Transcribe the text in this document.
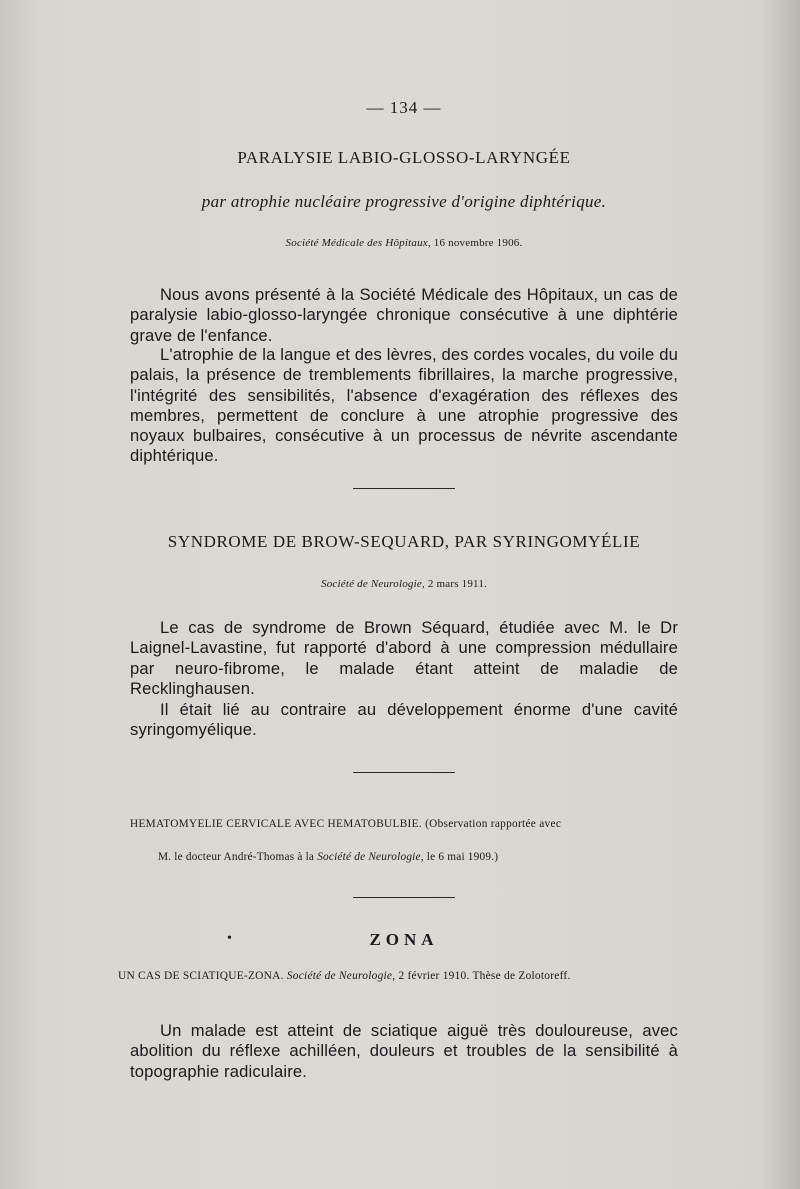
— 134 —
PARALYSIE LABIO-GLOSSO-LARYNGÉE
par atrophie nucléaire progressive d'origine diphtérique.
Société Médicale des Hôpitaux, 16 novembre 1906.

Nous avons présenté à la Société Médicale des Hôpitaux, un cas de paralysie labio-glosso-laryngée chronique consécutive à une diphtérie grave de l'enfance.

L'atrophie de la langue et des lèvres, des cordes vocales, du voile du palais, la présence de tremblements fibrillaires, la marche progressive, l'intégrité des sensibilités, l'absence d'exagération des réflexes des membres, permettent de conclure à une atrophie progressive des noyaux bulbaires, consécutive à un processus de névrite ascendante diphtérique.

SYNDROME DE BROW-SEQUARD, PAR SYRINGOMYÉLIE
Société de Neurologie, 2 mars 1911.

Le cas de syndrome de Brown Séquard, étudiée avec M. le Dr Laignel-Lavastine, fut rapporté d'abord à une compression médullaire par neuro-fibrome, le malade étant atteint de maladie de Recklinghausen.

Il était lié au contraire au développement énorme d'une cavité syringomyélique.

HEMATOMYELIE CERVICALE AVEC HEMATOBULBIE. (Observation rapportée avec
M. le docteur André-Thomas à la Société de Neurologie, le 6 mai 1909.)
•	ZONA
UN CAS DE SCIATIQUE-ZONA. Société de Neurologie, 2 février 1910. Thèse de Zolotoreff.

Un malade est atteint de sciatique aiguë très douloureuse, avec abolition du réflexe achilléen, douleurs et troubles de la sensibilité à topographie radiculaire.
